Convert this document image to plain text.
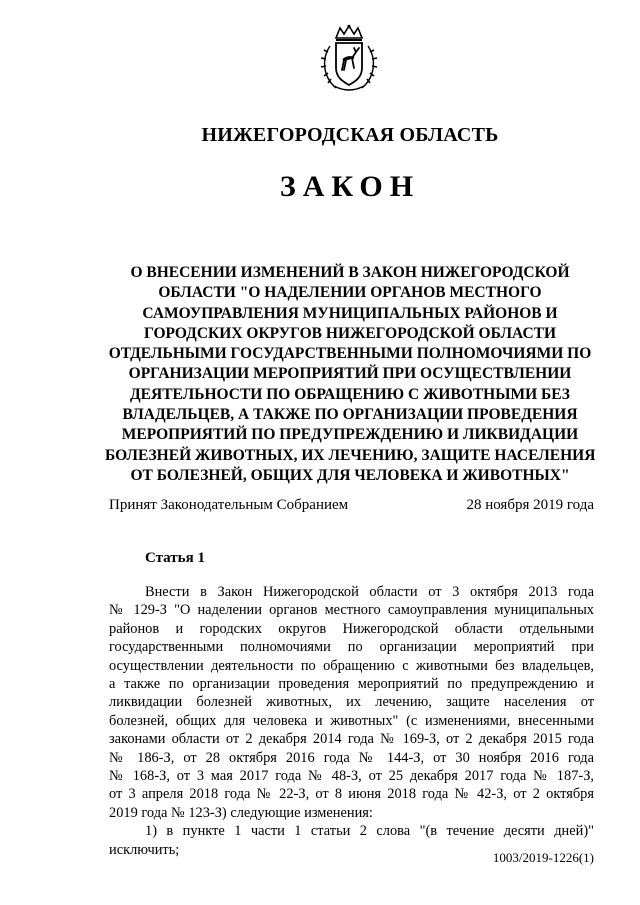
НИЖЕГОРОДСКАЯ ОБЛАСТЬ
ЗАКОН
О ВНЕСЕНИИ ИЗМЕНЕНИЙ В ЗАКОН НИЖЕГОРОДСКОЙ
ОБЛАСТИ "О НАДЕЛЕНИИ ОРГАНОВ МЕСТНОГО
САМОУПРАВЛЕНИЯ МУНИЦИПАЛЬНЫХ РАЙОНОВ И
ГОРОДСКИХ ОКРУГОВ НИЖЕГОРОДСКОЙ ОБЛАСТИ
ОТДЕЛЬНЫМИ ГОСУДАРСТВЕННЫМИ ПОЛНОМОЧИЯМИ ПО
ОРГАНИЗАЦИИ МЕРОПРИЯТИЙ ПРИ ОСУЩЕСТВЛЕНИИ
ДЕЯТЕЛЬНОСТИ ПО ОБРАЩЕНИЮ С ЖИВОТНЫМИ БЕЗ
ВЛАДЕЛЬЦЕВ, А ТАКЖЕ ПО ОРГАНИЗАЦИИ ПРОВЕДЕНИЯ
МЕРОПРИЯТИЙ ПО ПРЕДУПРЕЖДЕНИЮ И ЛИКВИДАЦИИ
БОЛЕЗНЕЙ ЖИВОТНЫХ, ИХ ЛЕЧЕНИЮ, ЗАЩИТЕ НАСЕЛЕНИЯ
ОТ БОЛЕЗНЕЙ, ОБЩИХ ДЛЯ ЧЕЛОВЕКА И ЖИВОТНЫХ"
Принят Законодательным Собранием	28 ноября 2019 года
Статья 1
Внести в Закон Нижегородской области от 3 октября 2013 года
№ 129-З "О наделении органов местного самоуправления муниципальных
районов и городских округов Нижегородской области отдельными
государственными полномочиями по организации мероприятий при
осуществлении деятельности по обращению с животными без владельцев,
а также по организации проведения мероприятий по предупреждению и
ликвидации болезней животных, их лечению, защите населения от
болезней, общих для человека и животных" (с изменениями, внесенными
законами области от 2 декабря 2014 года № 169-З, от 2 декабря 2015 года
№ 186-З, от 28 октября 2016 года № 144-З, от 30 ноября 2016 года
№ 168-З, от 3 мая 2017 года № 48-З, от 25 декабря 2017 года № 187-З,
от 3 апреля 2018 года № 22-З, от 8 июня 2018 года № 42-З, от 2 октября
2019 года № 123-З) следующие изменения:
1) в пункте 1 части 1 статьи 2 слова "(в течение десяти дней)"
исключить;	1003/2019-1226(1)
